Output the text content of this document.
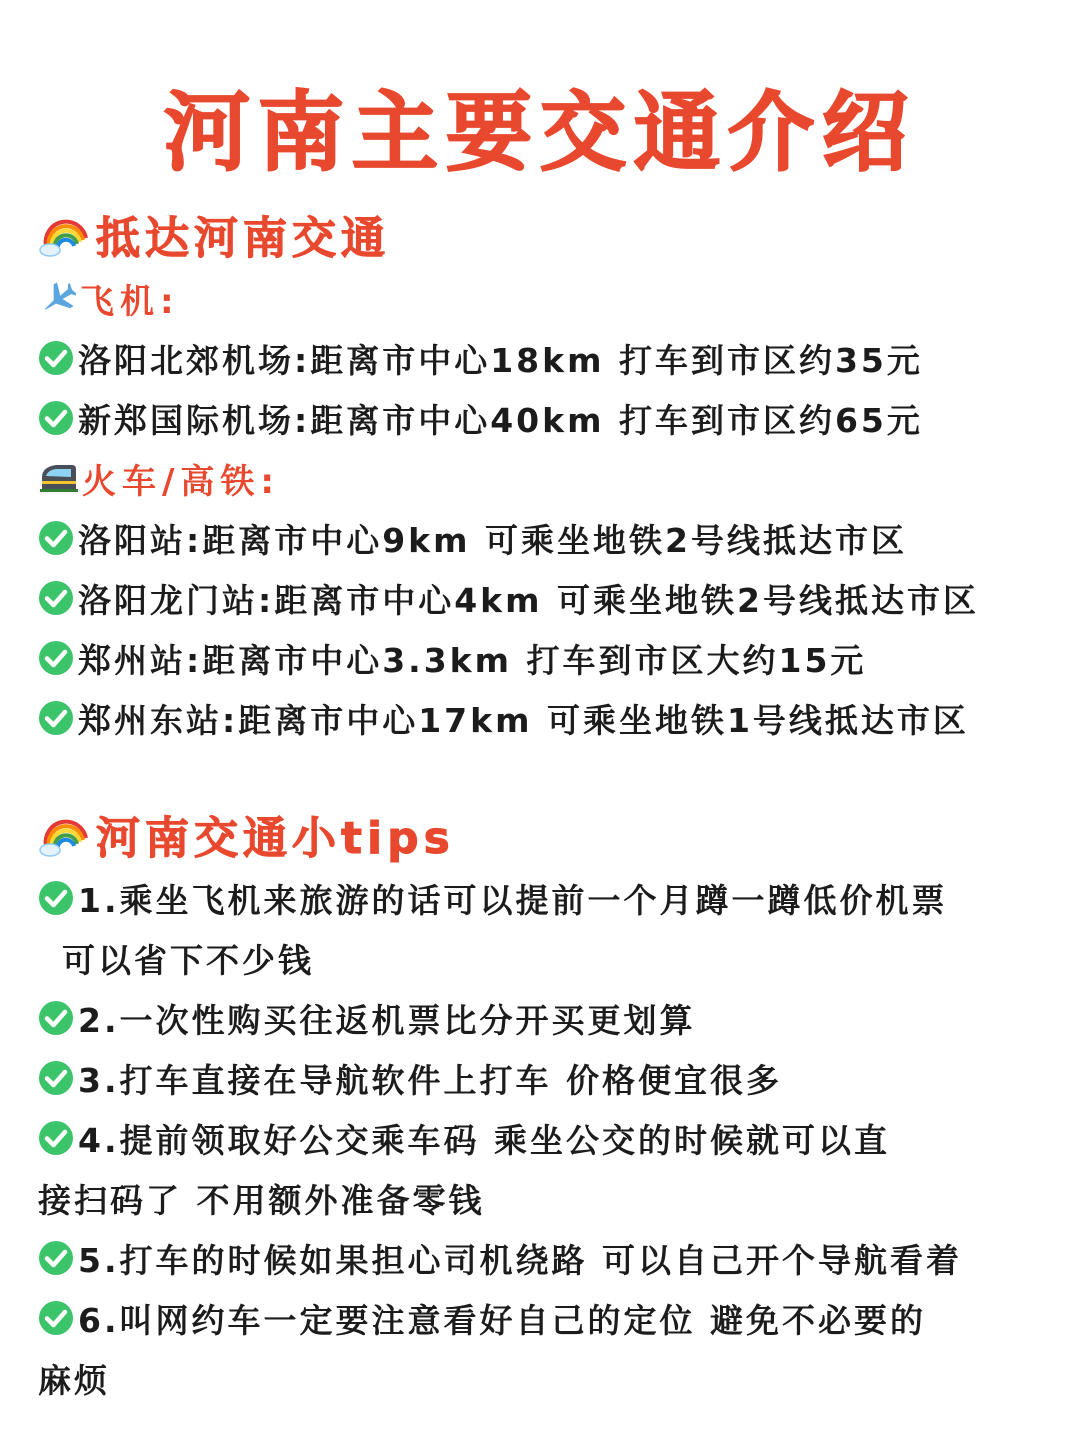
河南主要交通介绍
抵达河南交通
飞机:
洛阳北郊机场:距离市中心18km 打车到市区约35元
新郑国际机场:距离市中心40km 打车到市区约65元
火车/高铁:
洛阳站:距离市中心9km 可乘坐地铁2号线抵达市区
洛阳龙门站:距离市中心4km 可乘坐地铁2号线抵达市区
郑州站:距离市中心3.3km 打车到市区大约15元
郑州东站:距离市中心17km 可乘坐地铁1号线抵达市区
河南交通小tips
1.乘坐飞机来旅游的话可以提前一个月蹲一蹲低价机票
可以省下不少钱
2.一次性购买往返机票比分开买更划算
3.打车直接在导航软件上打车 价格便宜很多
4.提前领取好公交乘车码 乘坐公交的时候就可以直
接扫码了 不用额外准备零钱
5.打车的时候如果担心司机绕路 可以自己开个导航看着
6.叫网约车一定要注意看好自己的定位 避免不必要的
麻烦
